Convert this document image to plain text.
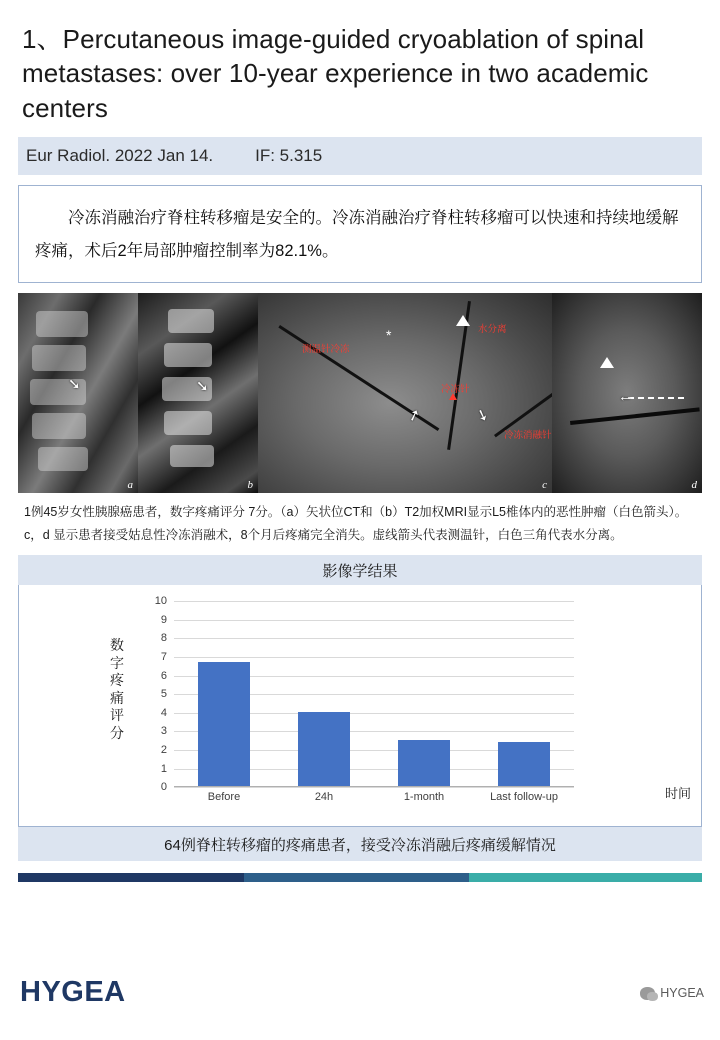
1、Percutaneous image-guided cryoablation of spinal metastases: over 10-year experience in two academic centers
Eur Radiol. 2022 Jan 14. IF: 5.315
冷冻消融治疗脊柱转移瘤是安全的。冷冻消融治疗脊柱转移瘤可以快速和持续地缓解疼痛，术后2年局部肿瘤控制率为82.1%。
➘
a
➘
b
测温针冷冻
冷冻针
冷冻消融针
水分离
➚	➘
*
c
←
d
1例45岁女性胰腺癌患者，数字疼痛评分 7分。（a）矢状位CT和（b）T2加权MRI显示L5椎体内的恶性肿瘤（白色箭头）。c，d 显示患者接受姑息性冷冻消融术，8个月后疼痛完全消失。虚线箭头代表测温针，白色三角代表水分离。
影像学结果
数字疼痛评分
0
1
2
3
4
5
6
7
8
9
10
Before	24h	1-month	Last follow-up	时间
64例脊柱转移瘤的疼痛患者，接受冷冻消融后疼痛缓解情况
HYGEA	HYGEA
